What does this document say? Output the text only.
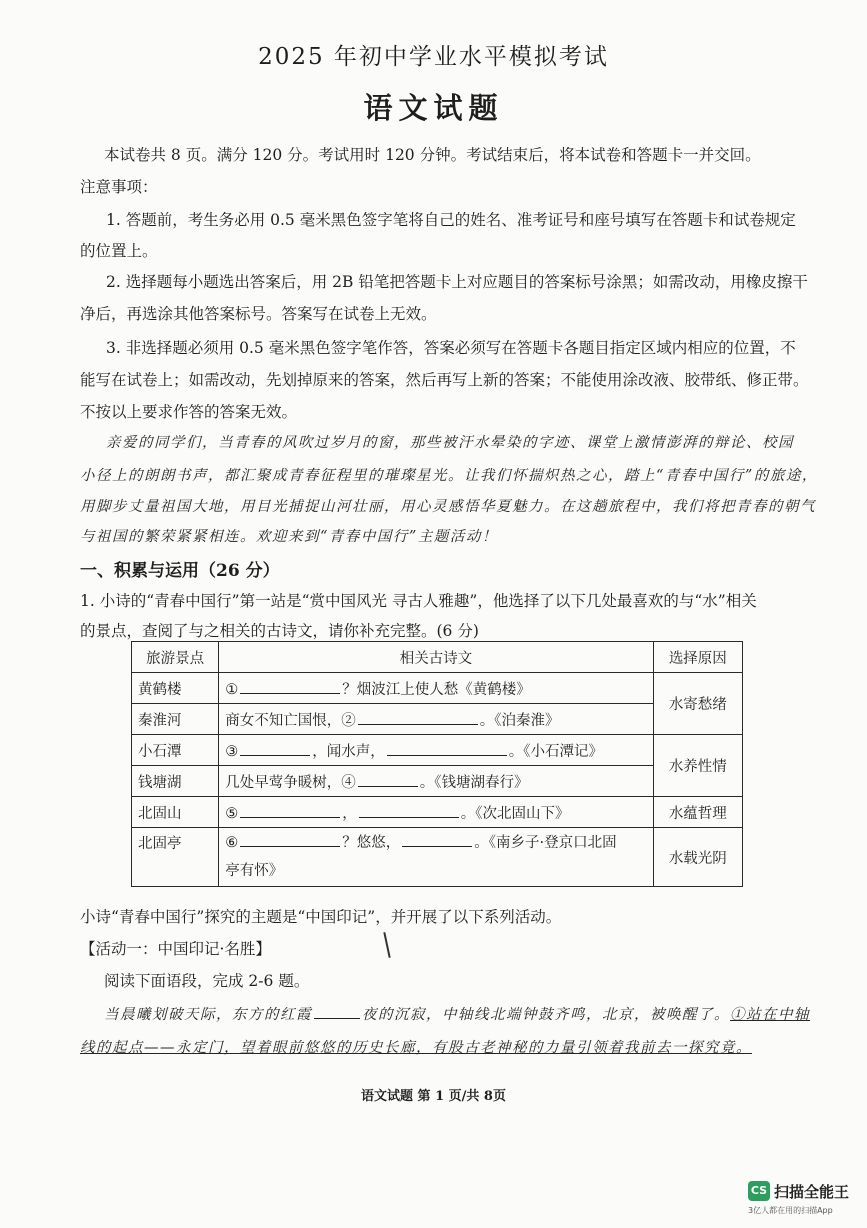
2025 年初中学业水平模拟考试
语文试题
本试卷共 8 页。满分 120 分。考试用时 120 分钟。考试结束后，将本试卷和答题卡一并交回。
注意事项：
1. 答题前，考生务必用 0.5 毫米黑色签字笔将自己的姓名、准考证号和座号填写在答题卡和试卷规定
的位置上。
2. 选择题每小题选出答案后，用 2B 铅笔把答题卡上对应题目的答案标号涂黑；如需改动，用橡皮擦干
净后，再选涂其他答案标号。答案写在试卷上无效。
3. 非选择题必须用 0.5 毫米黑色签字笔作答，答案必须写在答题卡各题目指定区域内相应的位置，不
能写在试卷上；如需改动，先划掉原来的答案，然后再写上新的答案；不能使用涂改液、胶带纸、修正带。
不按以上要求作答的答案无效。
亲爱的同学们，当青春的风吹过岁月的窗，那些被汗水晕染的字迹、课堂上激情澎湃的辩论、校园
小径上的朗朗书声，都汇聚成青春征程里的璀璨星光。让我们怀揣炽热之心，踏上“青春中国行”的旅途，
用脚步丈量祖国大地，用目光捕捉山河壮丽，用心灵感悟华夏魅力。在这趟旅程中，我们将把青春的朝气
与祖国的繁荣紧紧相连。欢迎来到“青春中国行”主题活动！
一、积累与运用（26 分）
1. 小诗的“青春中国行”第一站是“赏中国风光 寻古人雅趣”，他选择了以下几处最喜欢的与“水”相关
的景点，查阅了与之相关的古诗文，请你补充完整。(6 分)
旅游景点	相关古诗文	选择原因
黄鹤楼	① ？烟波江上使人愁《黄鹤楼》	水寄愁绪
秦淮河	商女不知亡国恨，② 。《泊秦淮》	
小石潭	③ ，闻水声， 。《小石潭记》	水养性情
钱塘湖	几处早莺争暖树，④ 。《钱塘湖春行》	
北固山	⑤ ， 。《次北固山下》	水蕴哲理
北固亭	⑥ ？悠悠， 。《南乡子·登京口北固
亭有怀》	水载光阴
小诗“青春中国行”探究的主题是“中国印记”，并开展了以下系列活动。
【活动一：中国印记·名胜】
阅读下面语段，完成 2-6 题。
当晨曦划破天际，东方的红霞	夜的沉寂，中轴线北端钟鼓齐鸣，北京，被唤醒了。①站在中轴
线的起点——永定门，望着眼前悠悠的历史长廊，有股古老神秘的力量引领着我前去一探究竟。
语文试题 第 1 页/共 8页
CS 扫描全能王
3亿人都在用的扫描App
